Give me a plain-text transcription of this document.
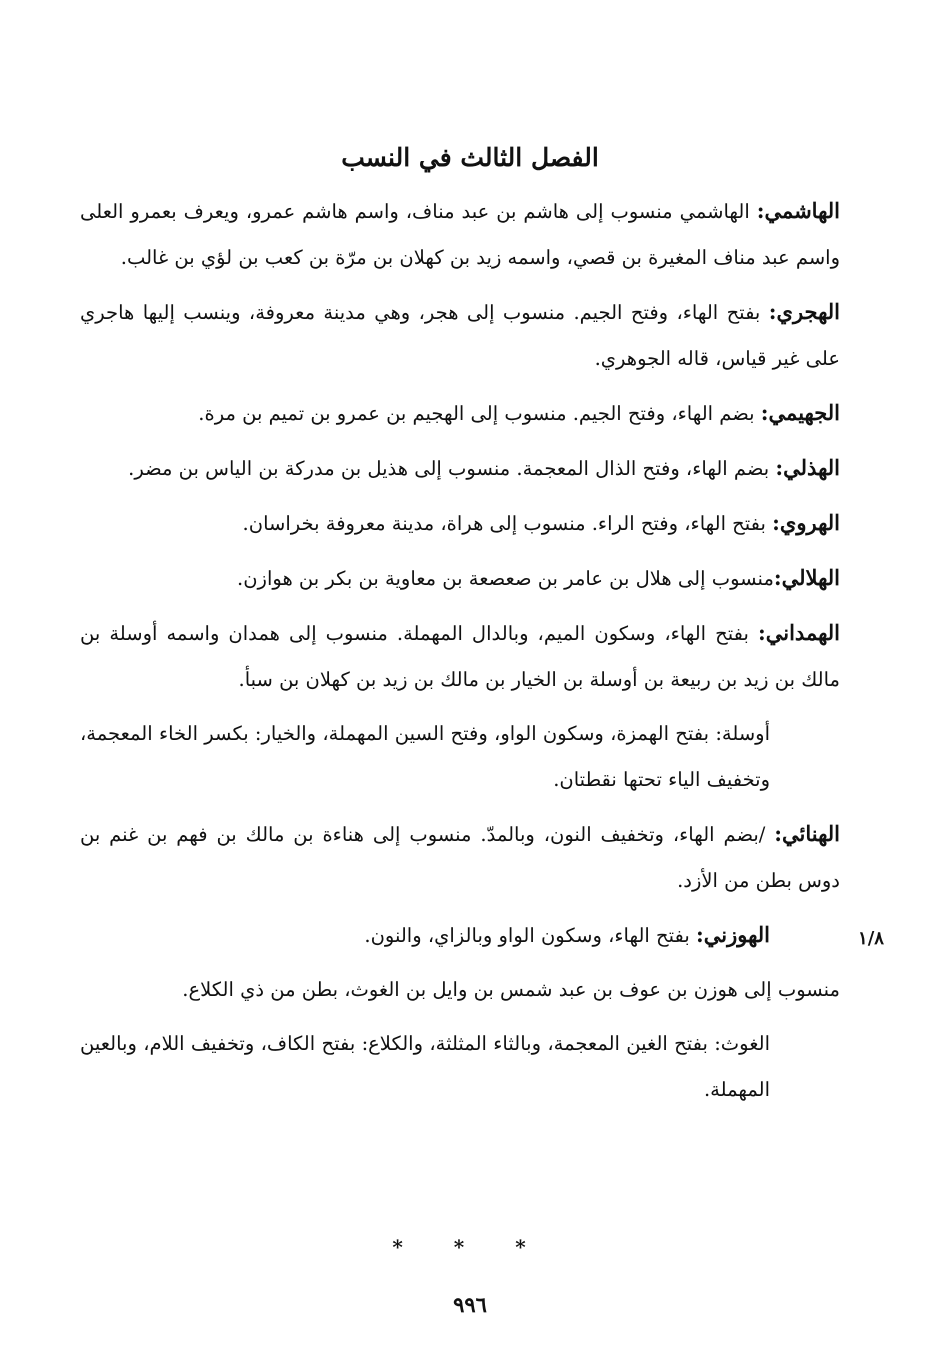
الفصل الثالث في النسب

الهاشمي: الهاشمي منسوب إلى هاشم بن عبد مناف، واسم هاشم عمرو، ويعرف بعمرو العلى واسم عبد مناف المغيرة بن قصي، واسمه زيد بن كهلان بن مرّة بن كعب بن لؤي بن غالب.

الهجري: بفتح الهاء، وفتح الجيم. منسوب إلى هجر، وهي مدينة معروفة، وينسب إليها هاجري على غير قياس، قاله الجوهري.

الجهيمي: بضم الهاء، وفتح الجيم. منسوب إلى الهجيم بن عمرو بن تميم بن مرة.

الهذلي: بضم الهاء، وفتح الذال المعجمة. منسوب إلى هذيل بن مدركة بن الياس بن مضر.

الهروي: بفتح الهاء، وفتح الراء. منسوب إلى هراة، مدينة معروفة بخراسان.

الهلالي:منسوب إلى هلال بن عامر بن صعصعة بن معاوية بن بكر بن هوازن.

الهمداني: بفتح الهاء، وسكون الميم، وبالدال المهملة. منسوب إلى همدان واسمه أوسلة بن مالك بن زيد بن ربيعة بن أوسلة بن الخيار بن مالك بن زيد بن كهلان بن سبأ.

أوسلة: بفتح الهمزة، وسكون الواو، وفتح السين المهملة، والخيار: بكسر الخاء المعجمة، وتخفيف الياء تحتها نقطتان.

الهنائي: /بضم الهاء، وتخفيف النون، وبالمدّ. منسوب إلى هناءة بن مالك بن فهم بن غنم بن دوس بطن من الأزد.

الهوزني: بفتح الهاء، وسكون الواو وبالزاي، والنون.

منسوب إلى هوزن بن عوف بن عبد شمس بن وايل بن الغوث، بطن من ذي الكلاع.

الغوث: بفتح الغين المعجمة، وبالثاء المثلثة، والكلاع: بفتح الكاف، وتخفيف اللام، وبالعين المهملة.

١/٨
* * *
٩٩٦
